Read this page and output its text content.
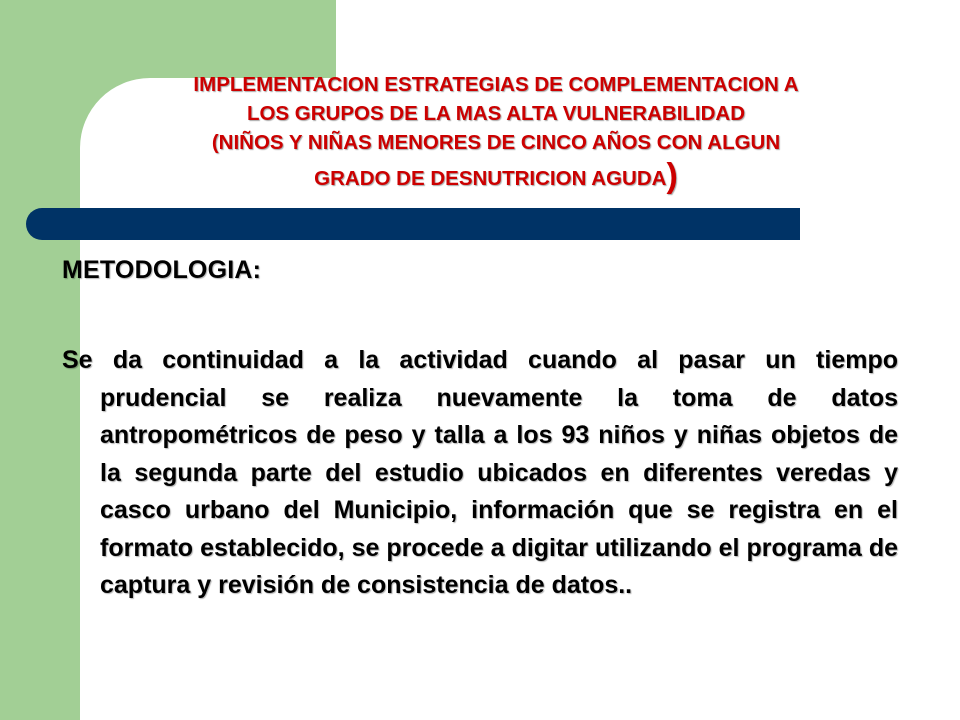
IMPLEMENTACION ESTRATEGIAS DE COMPLEMENTACION A
LOS GRUPOS DE LA MAS ALTA VULNERABILIDAD
(NIÑOS Y NIÑAS MENORES DE CINCO AÑOS CON ALGUN
GRADO DE DESNUTRICION AGUDA)
METODOLOGIA:

Se da continuidad a la actividad cuando al pasar un tiempo prudencial se realiza nuevamente la toma de datos antropométricos de peso y talla a los 93 niños y niñas objetos de la segunda parte del estudio ubicados en diferentes veredas y casco urbano del Municipio, información que se registra en el formato establecido, se procede a digitar utilizando el programa de captura y revisión de consistencia de datos..
